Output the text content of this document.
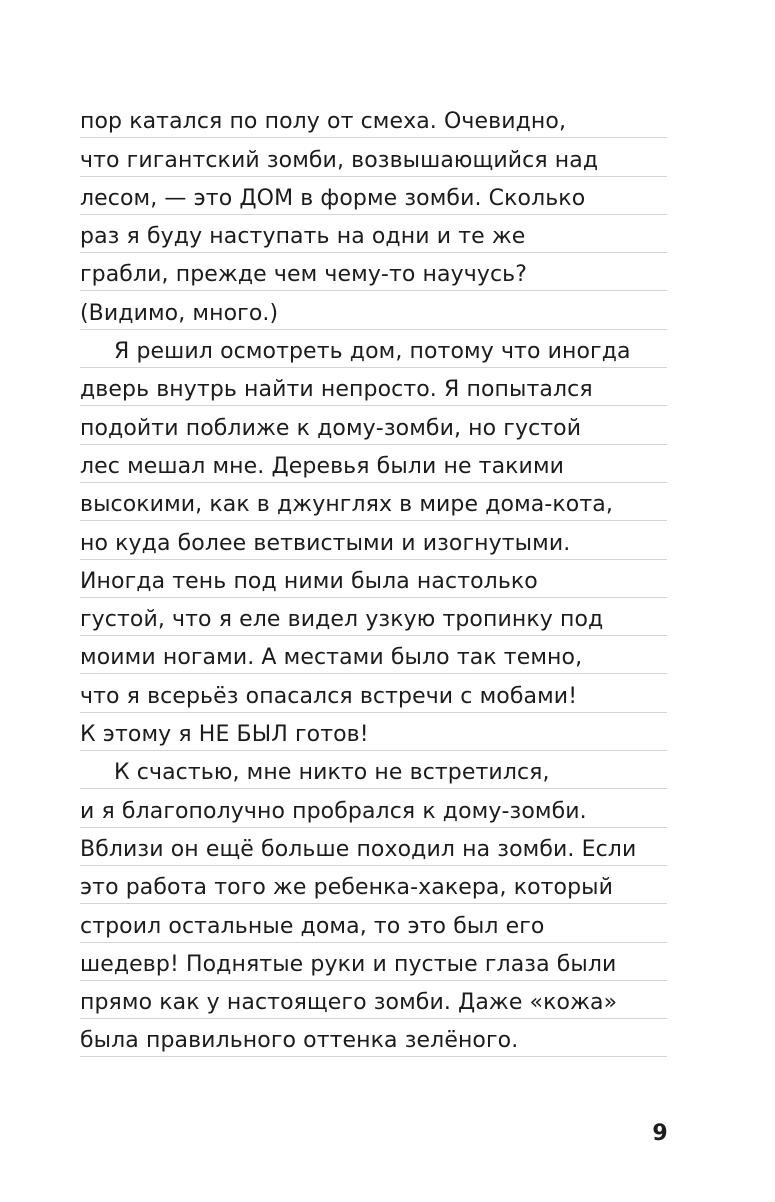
пор катался по полу от смеха. Очевидно,
что гигантский зомби, возвышающийся над
лесом, — это ДОМ в форме зомби. Сколько
раз я буду наступать на одни и те же
грабли, прежде чем чему-то научусь?
(Видимо, много.)
Я решил осмотреть дом, потому что иногда
дверь внутрь найти непросто. Я попытался
подойти поближе к дому-зомби, но густой
лес мешал мне. Деревья были не такими
высокими, как в джунглях в мире дома-кота,
но куда более ветвистыми и изогнутыми.
Иногда тень под ними была настолько
густой, что я еле видел узкую тропинку под
моими ногами. А местами было так темно,
что я всерьёз опасался встречи с мобами!
К этому я НЕ БЫЛ готов!
К счастью, мне никто не встретился,
и я благополучно пробрался к дому-зомби.
Вблизи он ещё больше походил на зомби. Если
это работа того же ребенка-хакера, который
строил остальные дома, то это был его
шедевр! Поднятые руки и пустые глаза были
прямо как у настоящего зомби. Даже «кожа»
была правильного оттенка зелёного.
9
